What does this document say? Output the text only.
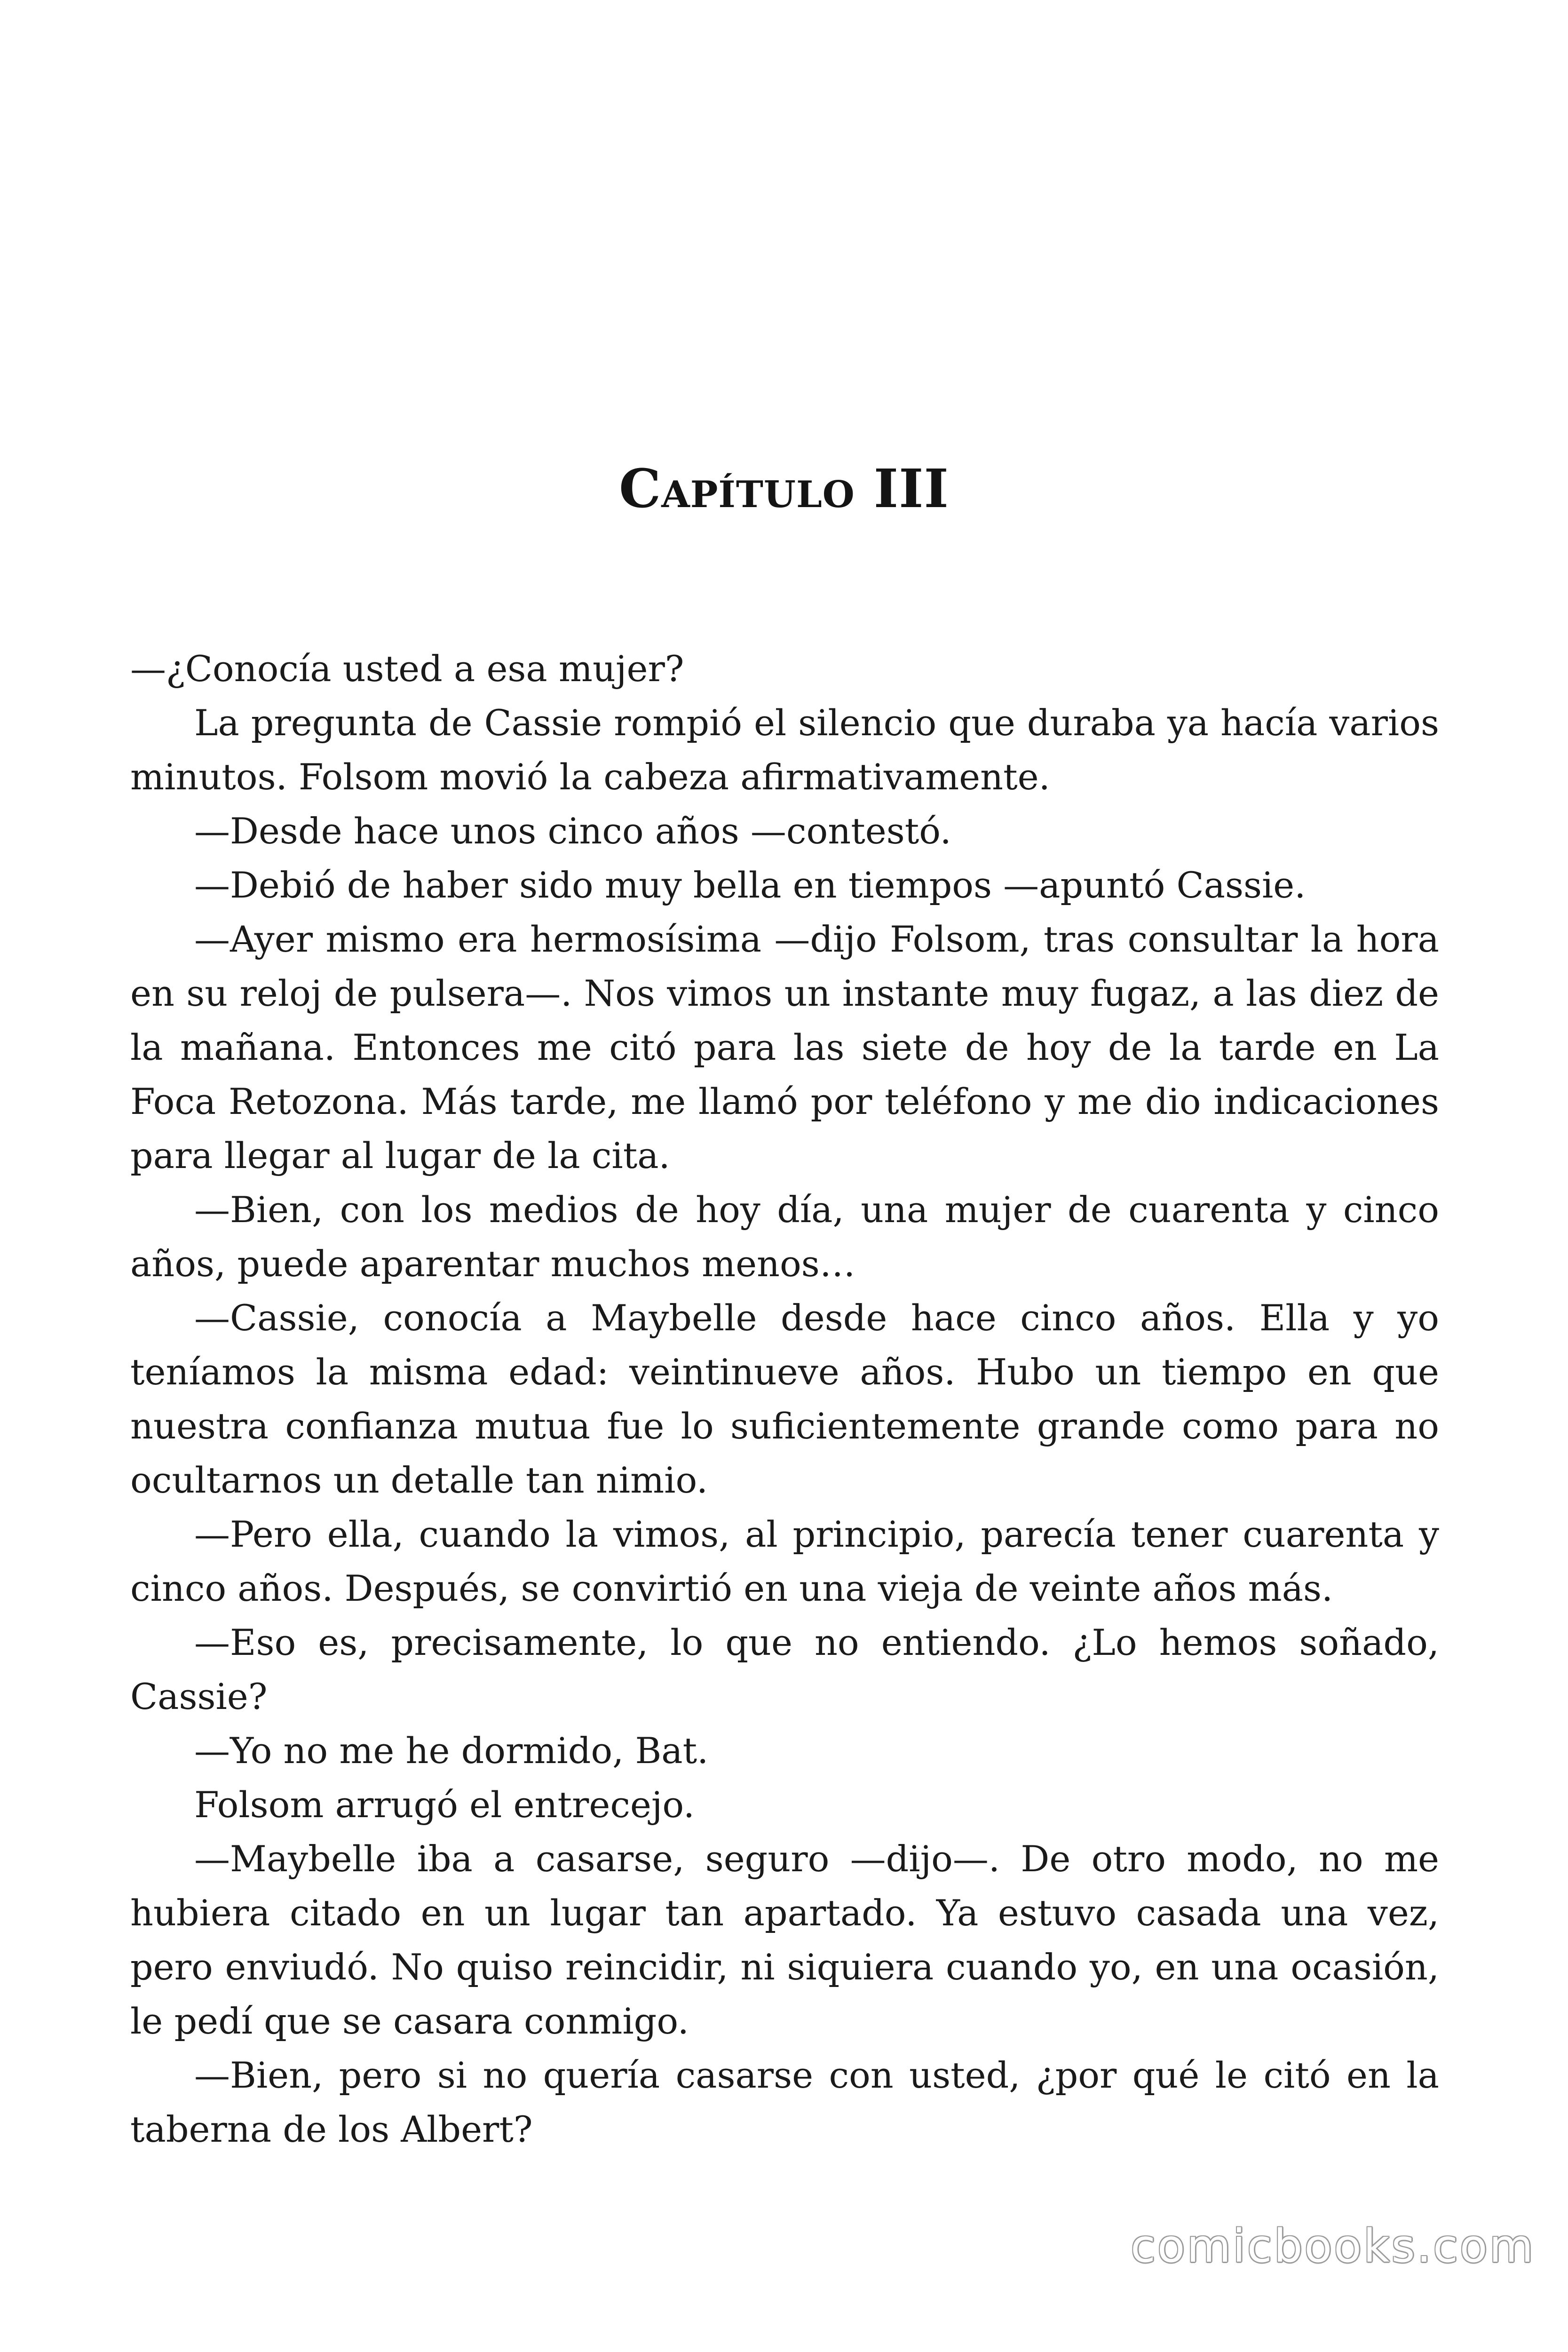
Capítulo III

—¿Conocía usted a esa mujer?

La pregunta de Cassie rompió el silencio que duraba ya hacía varios minutos. Folsom movió la cabeza afirmativamente.

—Desde hace unos cinco años —contestó.

—Debió de haber sido muy bella en tiempos —apuntó Cassie.

—Ayer mismo era hermosísima —dijo Folsom, tras consultar la hora en su reloj de pulsera—. Nos vimos un instante muy fugaz, a las diez de la mañana. Entonces me citó para las siete de hoy de la tarde en La Foca Retozona. Más tarde, me llamó por teléfono y me dio indicaciones para llegar al lugar de la cita.

—Bien, con los medios de hoy día, una mujer de cuarenta y cinco años, puede aparentar muchos menos…

—Cassie, conocía a Maybelle desde hace cinco años. Ella y yo teníamos la misma edad: veintinueve años. Hubo un tiempo en que nuestra confianza mutua fue lo suficientemente grande como para no ocultarnos un detalle tan nimio.

—Pero ella, cuando la vimos, al principio, parecía tener cuarenta y cinco años. Después, se convirtió en una vieja de veinte años más.

—Eso es, precisamente, lo que no entiendo. ¿Lo hemos soñado, Cassie?

—Yo no me he dormido, Bat.

Folsom arrugó el entrecejo.

—Maybelle iba a casarse, seguro —dijo—. De otro modo, no me hubiera citado en un lugar tan apartado. Ya estuvo casada una vez, pero enviudó. No quiso reincidir, ni siquiera cuando yo, en una ocasión, le pedí que se casara conmigo.

—Bien, pero si no quería casarse con usted, ¿por qué le citó en la taberna de los Albert?

comicbooks.com
